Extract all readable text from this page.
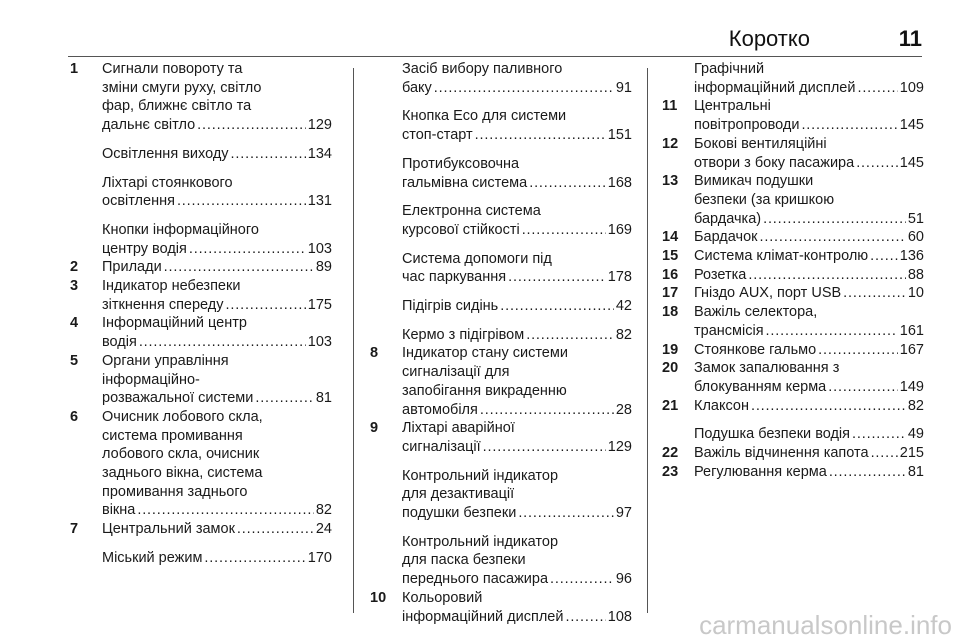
Коротко	11
1	Сигнали повороту та
зміни смуги руху, світло
фар, ближнє світло та
дальнє світло . . .	129
Освітлення виходу . . .	134
Ліхтарі стоянкового
освітлення . . .	131
Кнопки інформаційного
центру водія . . .	103
2	Прилади . . .	89
3	Індикатор небезпеки
зіткнення спереду . . .	175
4	Інформаційний центр
водія . . .	103
5	Органи управління
інформаційно-
розважальної системи . . .	81
6	Очисник лобового скла,
система промивання
лобового скла, очисник
заднього вікна, система
промивання заднього
вікна . . .	82
7	Центральний замок . . .	24
Міський режим . . .	170
Засіб вибору паливного
баку . . .	91
Кнопка Eco для системи
стоп-старт . . .	151
Протибуксовочна
гальмівна система . . .	168
Електронна система
курсової стійкості . . .	169
Система допомоги під
час паркування . . .	178
Підігрів сидінь . . .	42
Кермо з підігрівом . . .	82
8	Індикатор стану системи
сигналізації для
запобігання викраденню
автомобіля . . .	28
9	Ліхтарі аварійної
сигналізації . . .	129
Контрольний індикатор
для дезактивації
подушки безпеки . . .	97
Контрольний індикатор
для паска безпеки
переднього пасажира . . .	96
10	Кольоровий
інформаційний дисплей . . .	108
Графічний
інформаційний дисплей . . .	109
11	Центральні
повітропроводи . . .	145
12	Бокові вентиляційні
отвори з боку пасажира . . .	145
13	Вимикач подушки
безпеки (за кришкою
бардачка) . . .	51
14	Бардачок . . .	60
15	Система клімат-контролю . . . 136
16	Розетка . . .	88
17	Гніздо AUX, порт USB . . .	10
18	Важіль селектора,
трансмісія . . .	161
19	Стоянкове гальмо . . .	167
20	Замок запалювання з
блокуванням керма . . .	149
21	Клаксон . . .	82
Подушка безпеки водія . . .	49
22	Важіль відчинення капота . . . 215
23	Регулювання керма . . .	81
carmanualsonline.info
